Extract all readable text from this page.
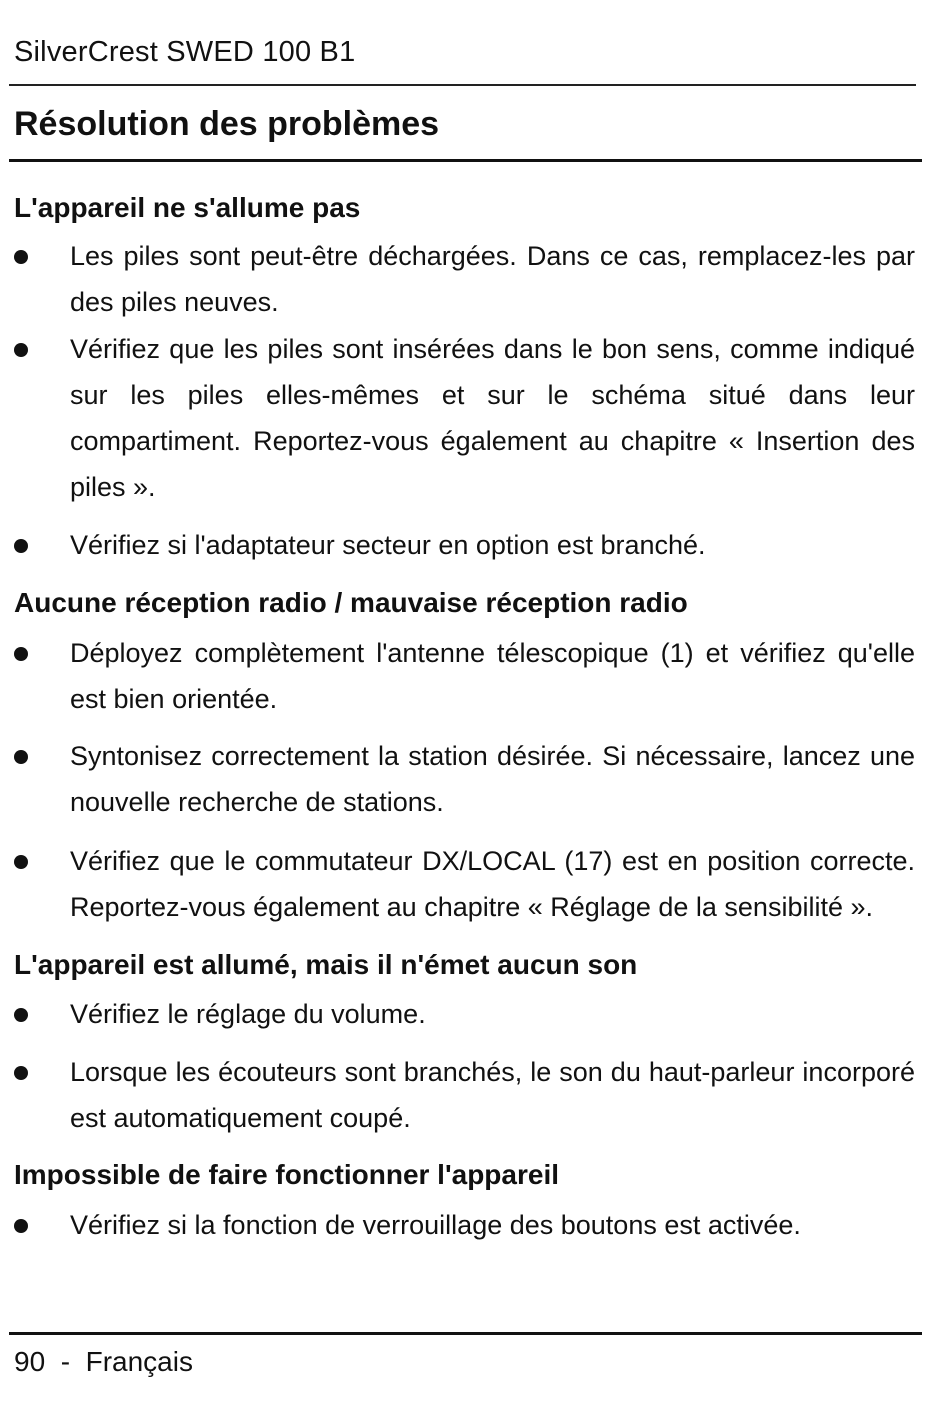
SilverCrest SWED 100 B1
Résolution des problèmes
L'appareil ne s'allume pas

Les piles sont peut-être déchargées. Dans ce cas, remplacez-les par des piles neuves.

Vérifiez que les piles sont insérées dans le bon sens, comme indiqué sur les piles elles-mêmes et sur le schéma situé dans leur compartiment. Reportez-vous également au chapitre « Insertion des piles ».

Vérifiez si l'adaptateur secteur en option est branché.

Aucune réception radio / mauvaise réception radio

Déployez complètement l'antenne télescopique (1) et vérifiez qu'elle est bien orientée.

Syntonisez correctement la station désirée. Si nécessaire, lancez une nouvelle recherche de stations.

Vérifiez que le commutateur DX/LOCAL (17) est en position correcte. Reportez-vous également au chapitre « Réglage de la sensibilité ».

L'appareil est allumé, mais il n'émet aucun son

Vérifiez le réglage du volume.

Lorsque les écouteurs sont branchés, le son du haut-parleur incorporé est automatiquement coupé.

Impossible de faire fonctionner l'appareil

Vérifiez si la fonction de verrouillage des boutons est activée.

90  -  Français
